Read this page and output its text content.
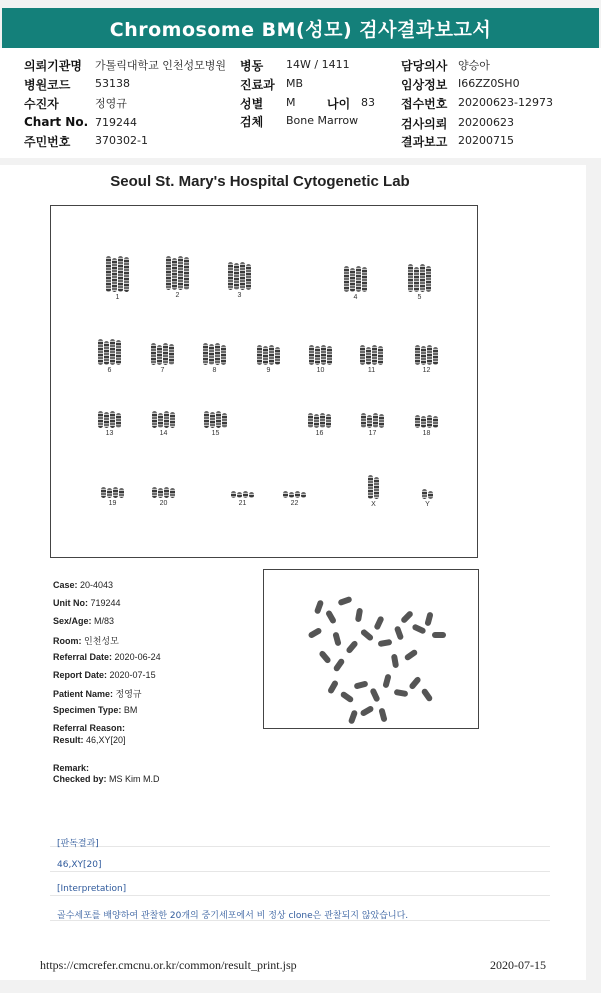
Chromosome BM(성모) 검사결과보고서
의뢰기관명 가톨릭대학교 인천성모병원 병동 14W / 1411	담당의사 양승아
병원코드 53138	진료과 MB	임상정보 I66ZZ0SH0
수진자	정영규	성별 M	나이 83 접수번호 20200623-12973
Chart No. 719244	검체 Bone Marrow	검사의뢰 20200623
주민번호 370302-1	결과보고 20200715
Seoul St. Mary's Hospital Cytogenetic Lab
1	2	3	4	5
6	7	8	9	10	11	12
13	14	15	16	17	18
19	20	21	22	X	Y
Case: 20-4043
Unit No: 719244
Sex/Age: M/83
Room: 인천성모
Referral Date: 2020-06-24
Report Date: 2020-07-15
Patient Name: 정영규
Specimen Type: BM
Referral Reason:
Result: 46,XY[20]
Remark:
Checked by: MS Kim M.D
[판독결과]
46,XY[20]
[Interpretation]
골수세포를 배양하여 관찰한 20개의 중기세포에서 비 정상 clone은 관찰되지 않았습니다.
https://cmcrefer.cmcnu.or.kr/common/result_print.jsp	2020-07-15
